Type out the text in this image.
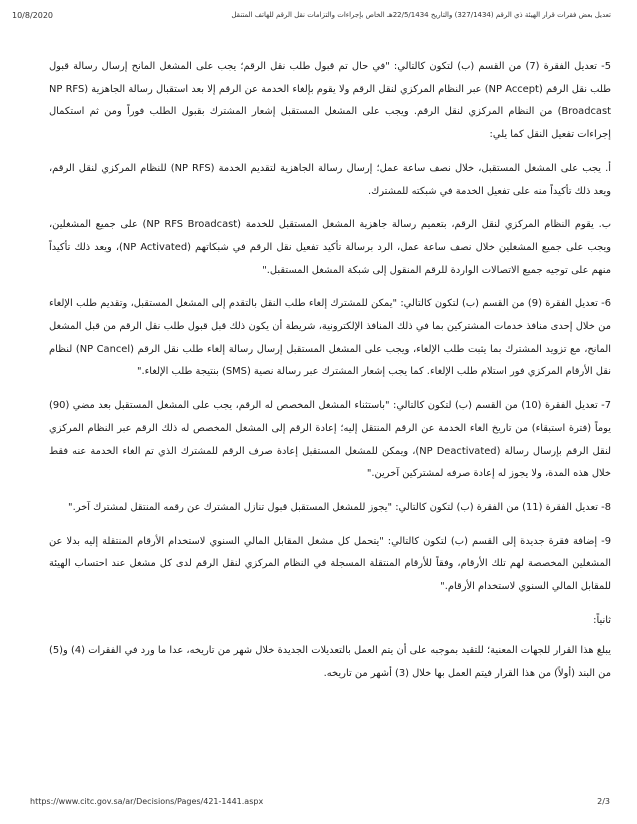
10/8/2020	تعديل بعض فقرات قرار الهيئة ذي الرقم (327/1434) والتاريخ 22/5/1434هـ الخاص بإجراءات والتزامات نقل الرقم للهاتف المتنقل

5- تعديل الفقرة (7) من القسم (ب) لتكون كالتالي: "في حال تم قبول طلب نقل الرقم؛ يجب على المشغل المانح إرسال رسالة قبول طلب نقل الرقم (NP Accept) عبر النظام المركزي لنقل الرقم ولا يقوم بإلغاء الخدمة عن الرقم إلا بعد استقبال رسالة الجاهزية (NP RFS Broadcast) من النظام المركزي لنقل الرقم. ويجب على المشغل المستقبل إشعار المشترك بقبول الطلب فوراً ومن ثم استكمال إجراءات تفعيل النقل كما يلي:

أ. يجب على المشغل المستقبل، خلال نصف ساعة عمل؛ إرسال رسالة الجاهزية لتقديم الخدمة (NP RFS) للنظام المركزي لنقل الرقم، ويعد ذلك تأكيداً منه على تفعيل الخدمة في شبكته للمشترك.

ب. يقوم النظام المركزي لنقل الرقم، بتعميم رسالة جاهزية المشغل المستقبل للخدمة (NP RFS Broadcast) على جميع المشغلين، ويجب على جميع المشغلين خلال نصف ساعة عمل، الرد برسالة تأكيد تفعيل نقل الرقم في شبكاتهم (NP Activated)، ويعد ذلك تأكيداً منهم على توجيه جميع الاتصالات الواردة للرقم المنقول إلى شبكة المشغل المستقبل."

6- تعديل الفقرة (9) من القسم (ب) لتكون كالتالي: "يمكن للمشترك إلغاء طلب النقل بالتقدم إلى المشغل المستقبل، وتقديم طلب الإلغاء من خلال إحدى منافذ خدمات المشتركين بما في ذلك المنافذ الإلكترونية، شريطة أن يكون ذلك قبل قبول طلب نقل الرقم من قبل المشغل المانح، مع تزويد المشترك بما يثبت طلب الإلغاء، ويجب على المشغل المستقبل إرسال رسالة إلغاء طلب نقل الرقم (NP Cancel) لنظام نقل الأرقام المركزي فور استلام طلب الإلغاء. كما يجب إشعار المشترك عبر رسالة نصية (SMS) بنتيجة طلب الإلغاء."

7- تعديل الفقرة (10) من القسم (ب) لتكون كالتالي: "باستثناء المشغل المخصص له الرقم، يجب على المشغل المستقبل بعد مضي (90) يوماً (فترة استبقاء) من تاريخ الغاء الخدمة عن الرقم المنتقل إليه؛ إعادة الرقم إلى المشغل المخصص له ذلك الرقم عبر النظام المركزي لنقل الرقم بإرسال رسالة (NP Deactivated)، ويمكن للمشغل المستقبل إعادة صرف الرقم للمشترك الذي تم الغاء الخدمة عنه فقط خلال هذه المدة، ولا يجوز له إعادة صرفه لمشتركين آخرين."

8- تعديل الفقرة (11) من الفقرة (ب) لتكون كالتالي: "يجوز للمشغل المستقبل قبول تنازل المشترك عن رقمه المنتقل لمشترك آخر."

9- إضافة فقرة جديدة إلى القسم (ب) لتكون كالتالي: "يتحمل كل مشغل المقابل المالي السنوي لاستخدام الأرقام المنتقلة إليه بدلا عن المشغلين المخصصة لهم تلك الأرقام، وفقاً للأرقام المنتقلة المسجلة في النظام المركزي لنقل الرقم لدى كل مشغل عند احتساب الهيئة للمقابل المالي السنوي لاستخدام الأرقام."

ثانياً:

يبلغ هذا القرار للجهات المعنية؛ للتقيد بموجبه على أن يتم العمل بالتعديلات الجديدة خلال شهر من تاريخه، عدا ما ورد في الفقرات (4) و(5) من البند (أولاً) من هذا القرار فيتم العمل بها خلال (3) أشهر من تاريخه.

https://www.citc.gov.sa/ar/Decisions/Pages/421-1441.aspx	2/3
